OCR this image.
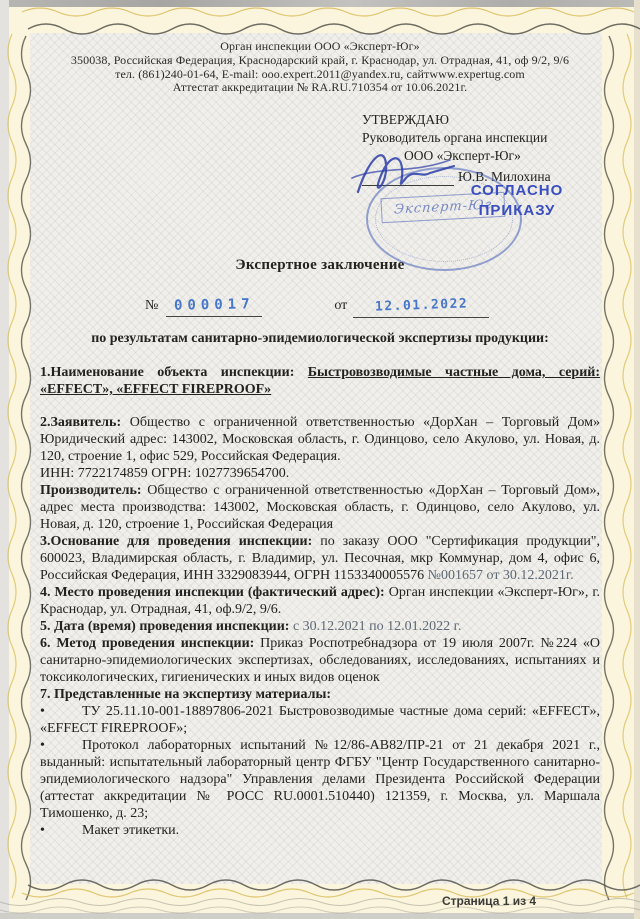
Орган инспекции ООО «Эксперт-Юг»
350038, Российская Федерация, Краснодарский край, г. Краснодар, ул. Отрадная, 41, оф 9/2, 9/6
тел. (861)240-01-64, E-mail: ooo.expert.2011@yandex.ru, сайтwww.expertug.com
Аттестат аккредитации № RA.RU.710354 от 10.06.2021г.
Эксперт-Юг
СОГЛАСНО
ПРИКАЗУ
УТВЕРЖДАЮ
Руководитель органа инспекции
ООО «Эксперт-Юг»
Ю.В. Милохина
Экспертное заключение
№ 000017	от 12.01.2022
по результатам санитарно-эпидемиологической экспертизы продукции:

1.Наименование объекта инспекции: Быстровозводимые частные дома, серий: «EFFECT», «EFFECT FIREPROOF»

2.Заявитель: Общество с ограниченной ответственностью «ДорХан – Торговый Дом» Юридический адрес: 143002, Московская область, г. Одинцово, село Акулово, ул. Новая, д. 120, строение 1, офис 529, Российская Федерация.

ИНН: 7722174859 ОГРН: 1027739654700.

Производитель: Общество с ограниченной ответственностью «ДорХан – Торговый Дом», адрес места производства: 143002, Московская область, г. Одинцово, село Акулово, ул. Новая, д. 120, строение 1, Российская Федерация

3.Основание для проведения инспекции: по заказу ООО "Сертификация продукции", 600023, Владимирская область, г. Владимир, ул. Песочная, мкр Коммунар, дом 4, офис 6, Российская Федерация, ИНН 3329083944, ОГРН 1153340005576 №001657 от 30.12.2021г.

4. Место проведения инспекции (фактический адрес): Орган инспекции «Эксперт-Юг», г. Краснодар, ул. Отрадная, 41, оф.9/2, 9/6.

5. Дата (время) проведения инспекции: с 30.12.2021 по 12.01.2022 г.

6. Метод проведения инспекции: Приказ Роспотребнадзора от 19 июля 2007г. №224 «О санитарно-эпидемиологических экспертизах, обследованиях, исследованиях, испытаниях и токсикологических, гигиенических и иных видов оценок

7. Представленные на экспертизу материалы:

•	ТУ 25.11.10-001-18897806-2021 Быстровозводимые частные дома серий: «EFFECT», «EFFECT FIREPROOF»;

•	Протокол лабораторных испытаний №12/86-АВ82/ПР-21 от 21 декабря 2021 г., выданный: испытательный лабораторный центр ФГБУ "Центр Государственного санитарно-эпидемиологического надзора" Управления делами Президента Российской Федерации (аттестат аккредитации № РОСС RU.0001.510440) 121359, г. Москва, ул. Маршала Тимошенко, д. 23;

•	Макет этикетки.

Страница 1 из 4
